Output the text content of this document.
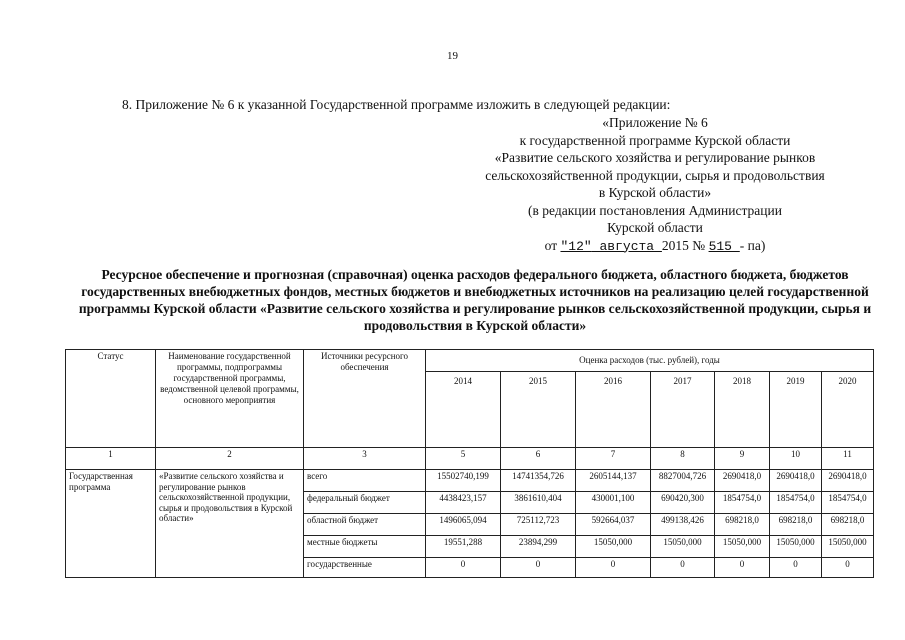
19
8. Приложение № 6 к указанной Государственной программе изложить в следующей редакции:
«Приложение № 6
к государственной программе Курской области
«Развитие сельского хозяйства и регулирование рынков
сельскохозяйственной продукции, сырья и продовольствия
в Курской области»
(в редакции постановления Администрации
Курской области
от "12" августа 2015 № 515 - па)
Ресурсное обеспечение и прогнозная (справочная) оценка расходов федерального бюджета, областного бюджета, бюджетов государственных внебюджетных фондов, местных бюджетов и внебюджетных источников на реализацию целей государственной программы Курской области «Развитие сельского хозяйства и регулирование рынков сельскохозяйственной продукции, сырья и продовольствия в Курской области»
Статус	Наименование государственной программы, подпрограммы государственной программы, ведомственной целевой программы, основного мероприятия	Источники ресурсного обеспечения	Оценка расходов (тыс. рублей), годы						
			2014	2015	2016	2017	2018	2019	2020
1	2	3	5	6	7	8	9	10	11
Государственная программа	«Развитие сельского хозяйства и регулирование рынков сельскохозяйственной продукции, сырья и продовольствия в Курской области»	всего	15502740,199	14741354,726	2605144,137	8827004,726	2690418,0	2690418,0	2690418,0
		федеральный бюджет	4438423,157	3861610,404	430001,100	690420,300	1854754,0	1854754,0	1854754,0
		областной бюджет	1496065,094	725112,723	592664,037	499138,426	698218,0	698218,0	698218,0
		местные бюджеты	19551,288	23894,299	15050,000	15050,000	15050,000	15050,000	15050,000
		государственные	0	0	0	0	0	0	0
